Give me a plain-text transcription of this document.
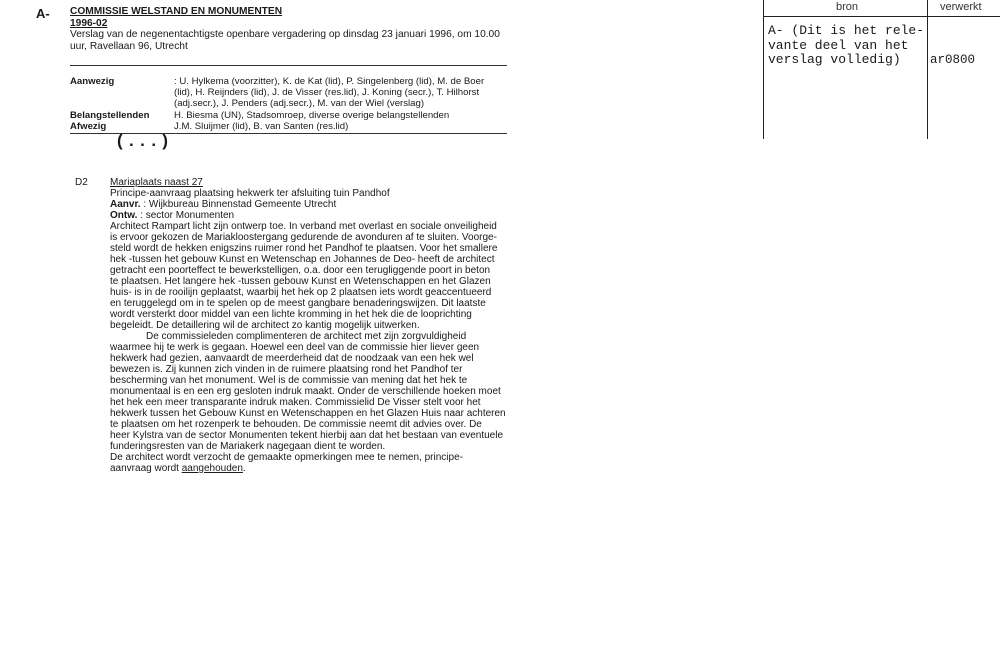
A- COMMISSIE WELSTAND EN MONUMENTEN
1996-02
Verslag van de negenentachtigste openbare vergadering op dinsdag 23 januari 1996, om 10.00
uur, Ravellaan 96, Utrecht
Aanwezig	: U. Hylkema (voorzitter), K. de Kat (lid), P. Singelenberg (lid), M. de Boer
(lid), H. Reijnders (lid), J. de Visser (res.lid), J. Koning (secr.), T. Hilhorst
(adj.secr.), J. Penders (adj.secr.), M. van der Wiel (verslag)
Belangstellenden	H. Biesma (UN), Stadsomroep, diverse overige belangstellenden
Afwezig	J.M. Sluijmer (lid), B. van Santen (res.lid)
(...)
D2 Mariaplaats naast 27
Principe-aanvraag plaatsing hekwerk ter afsluiting tuin Pandhof
Aanvr. : Wijkbureau Binnenstad Gemeente Utrecht
Ontw. : sector Monumenten
Architect Rampart licht zijn ontwerp toe. In verband met overlast en sociale onveiligheid
is ervoor gekozen de Mariakloostergang gedurende de avonduren af te sluiten. Voorge-
steld wordt de hekken enigszins ruimer rond het Pandhof te plaatsen. Voor het smallere
hek -tussen het gebouw Kunst en Wetenschap en Johannes de Deo- heeft de architect
getracht een poorteffect te bewerkstelligen, o.a. door een terugliggende poort in beton
te plaatsen. Het langere hek -tussen gebouw Kunst en Wetenschappen en het Glazen
huis- is in de rooilijn geplaatst, waarbij het hek op 2 plaatsen iets wordt geaccentueerd
en teruggelegd om in te spelen op de meest gangbare benaderingswijzen. Dit laatste
wordt versterkt door middel van een lichte kromming in het hek die de looprichting
begeleidt. De detaillering wil de architect zo kantig mogelijk uitwerken.
De commissieleden complimenteren de architect met zijn zorgvuldigheid
waarmee hij te werk is gegaan. Hoewel een deel van de commissie hier liever geen
hekwerk had gezien, aanvaardt de meerderheid dat de noodzaak van een hek wel
bewezen is. Zij kunnen zich vinden in de ruimere plaatsing rond het Pandhof ter
bescherming van het monument. Wel is de commissie van mening dat het hek te
monumentaal is en een erg gesloten indruk maakt. Onder de verschillende hoeken moet
het hek een meer transparante indruk maken. Commissielid De Visser stelt voor het
hekwerk tussen het Gebouw Kunst en Wetenschappen en het Glazen Huis naar achteren
te plaatsen om het rozenperk te behouden. De commissie neemt dit advies over. De
heer Kylstra van de sector Monumenten tekent hierbij aan dat het bestaan van eventuele
funderingsresten van de Mariakerk nagegaan dient te worden.
De architect wordt verzocht de gemaakte opmerkingen mee te nemen, principe-
aanvraag wordt aangehouden.
bron	verwerkt
A- (Dit is het rele-
vante deel van het
verslag volledig)	ar0800
